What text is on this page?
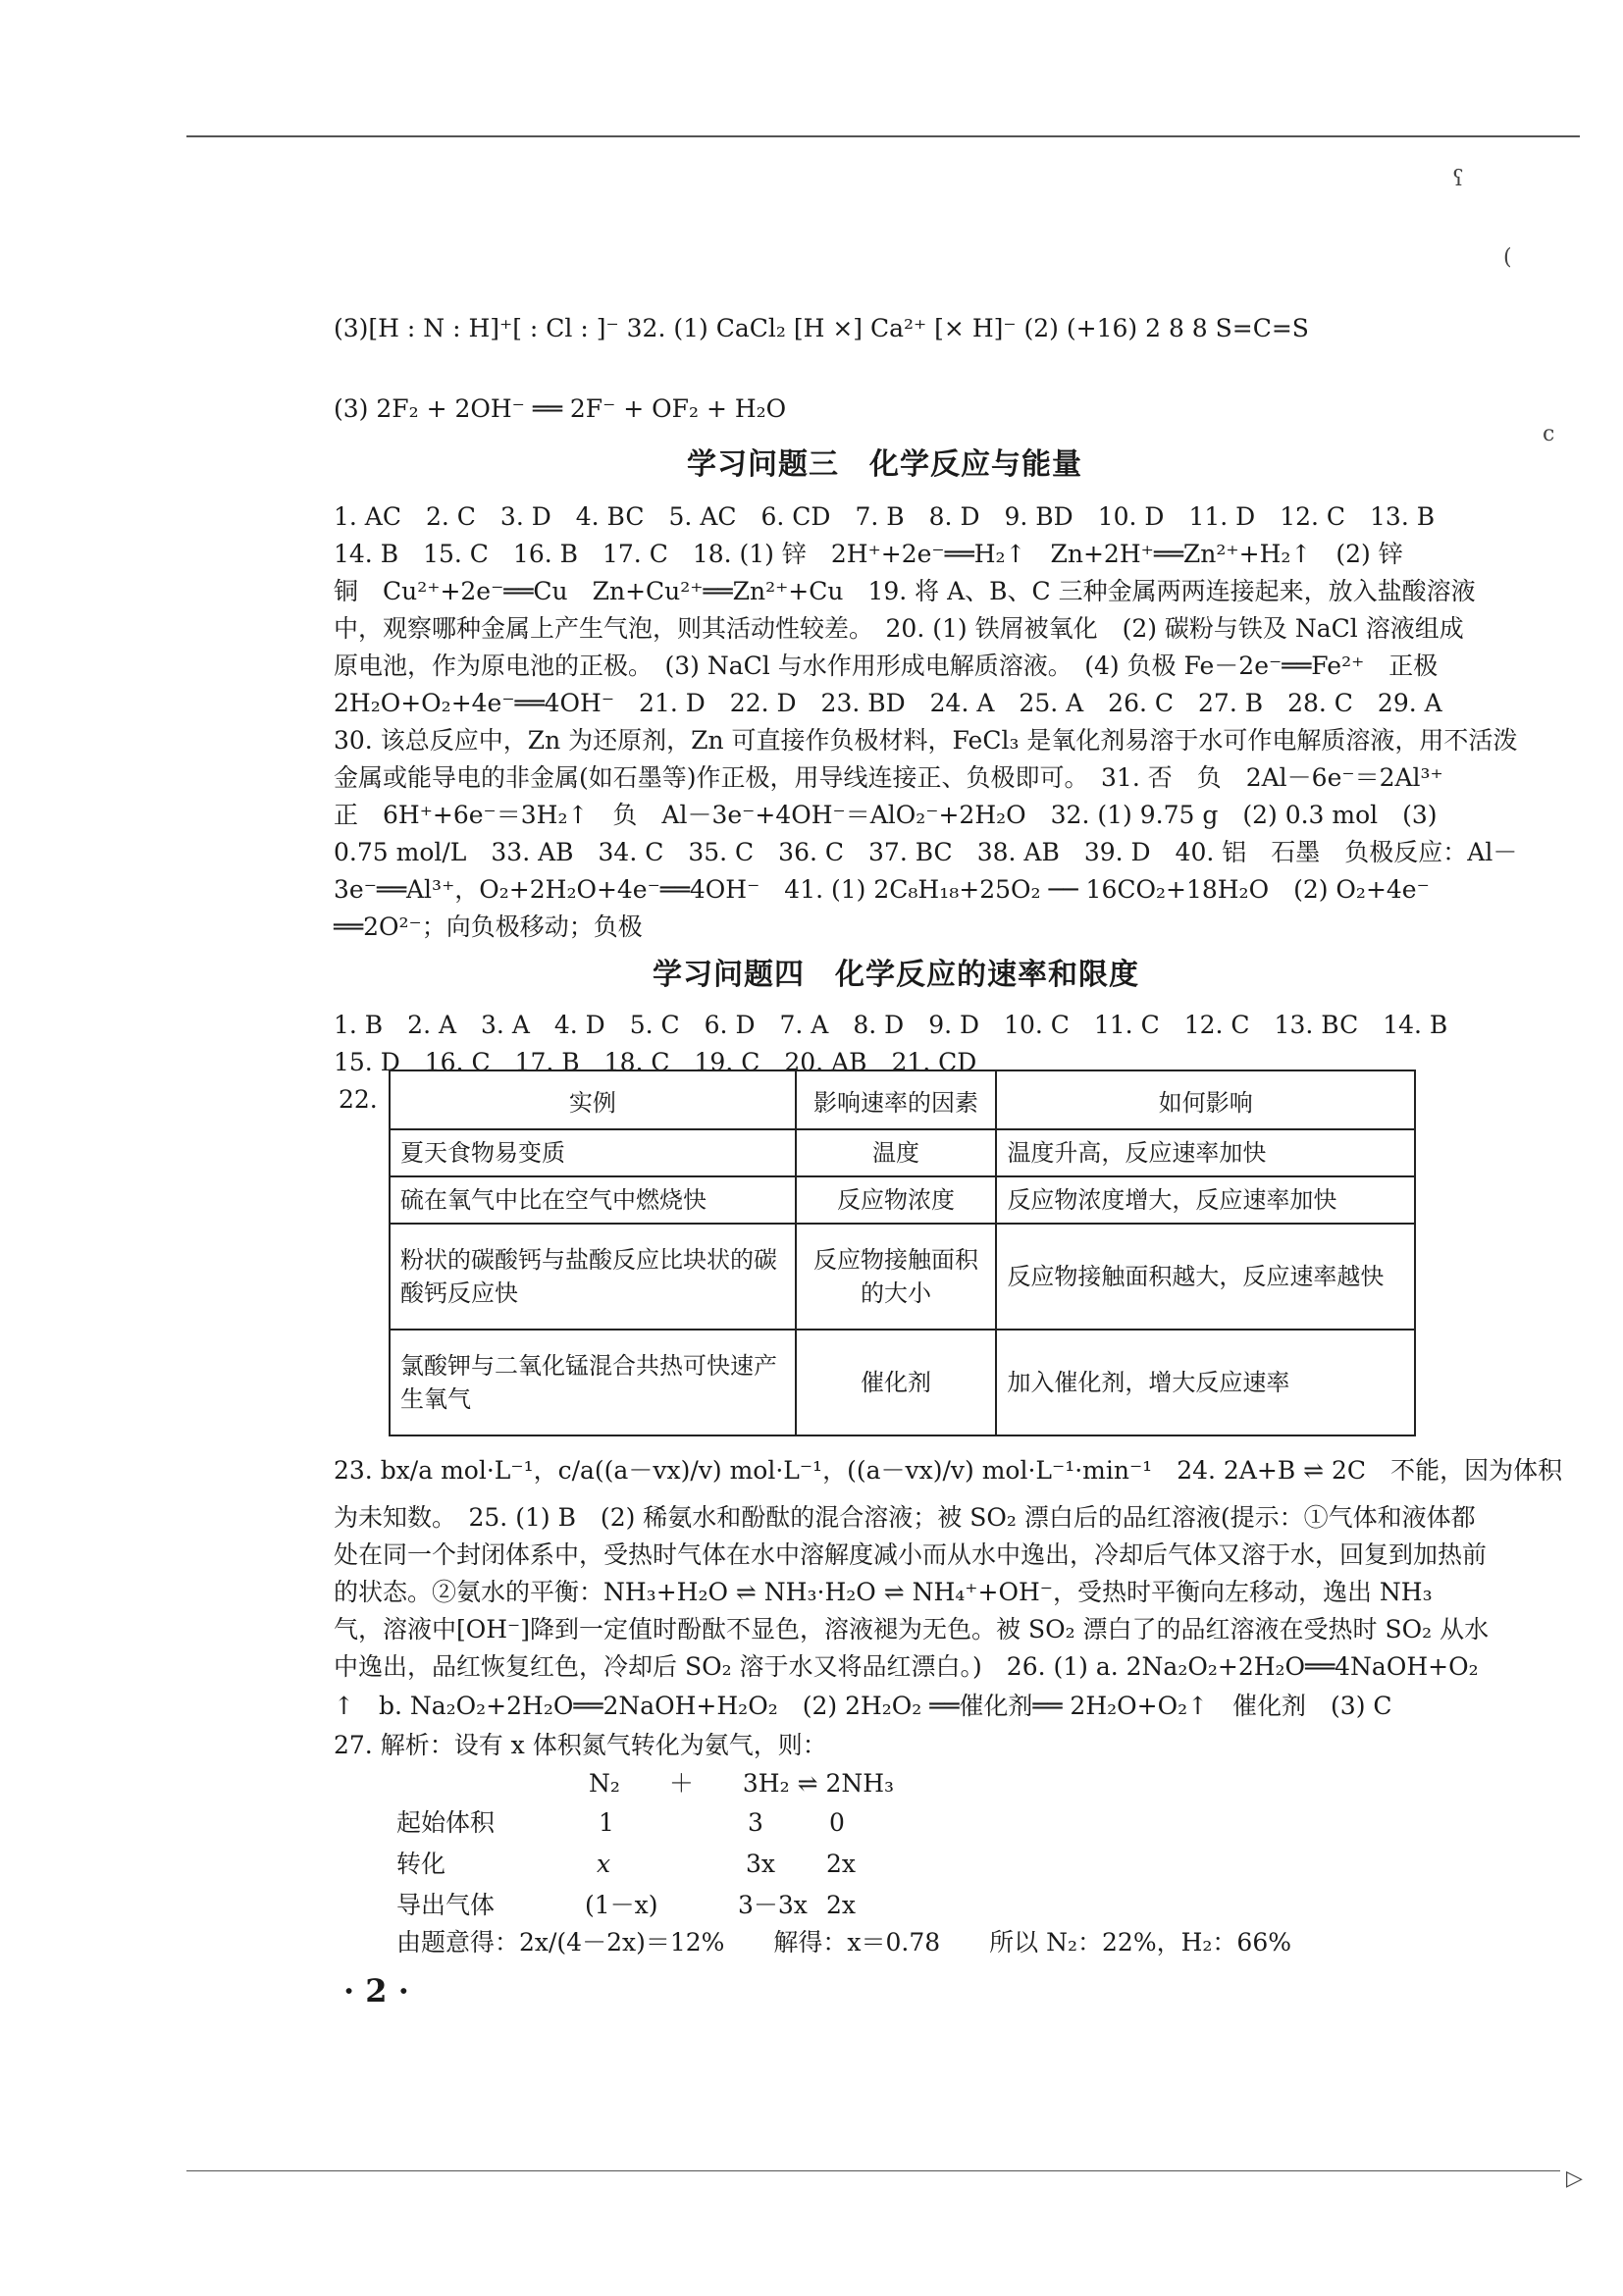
ʕ
(
c
▷
(3)[H : N : H]⁺[ : Cl : ]⁻ 32. (1) CaCl₂ [H ×] Ca²⁺ [× H]⁻ (2) (+16) 2 8 8 S=C=S
(3) 2F₂ + 2OH⁻ ══ 2F⁻ + OF₂ + H₂O
学习问题三　化学反应与能量
1. AC　2. C　3. D　4. BC　5. AC　6. CD　7. B　8. D　9. BD　10. D　11. D　12. C　13. B
14. B　15. C　16. B　17. C　18. (1) 锌　2H⁺+2e⁻══H₂↑　Zn+2H⁺══Zn²⁺+H₂↑　(2) 锌
铜　Cu²⁺+2e⁻══Cu　Zn+Cu²⁺══Zn²⁺+Cu　19. 将 A、B、C 三种金属两两连接起来，放入盐酸溶液
中，观察哪种金属上产生气泡，则其活动性较差。　20. (1) 铁屑被氧化　(2) 碳粉与铁及 NaCl 溶液组成
原电池，作为原电池的正极。　(3) NaCl 与水作用形成电解质溶液。　(4) 负极 Fe－2e⁻══Fe²⁺　正极
2H₂O+O₂+4e⁻══4OH⁻　21. D　22. D　23. BD　24. A　25. A　26. C　27. B　28. C　29. A
30. 该总反应中，Zn 为还原剂，Zn 可直接作负极材料，FeCl₃ 是氧化剂易溶于水可作电解质溶液，用不活泼
金属或能导电的非金属(如石墨等)作正极，用导线连接正、负极即可。　31. 否　负　2Al－6e⁻＝2Al³⁺
正　6H⁺+6e⁻＝3H₂↑　负　Al－3e⁻+4OH⁻＝AlO₂⁻+2H₂O　32. (1) 9.75 g　(2) 0.3 mol　(3)
0.75 mol/L　33. AB　34. C　35. C　36. C　37. BC　38. AB　39. D　40. 铝　石墨　负极反应：Al－
3e⁻══Al³⁺，O₂+2H₂O+4e⁻══4OH⁻　41. (1) 2C₈H₁₈+25O₂ ── 16CO₂+18H₂O　(2) O₂+4e⁻
══2O²⁻；向负极移动；负极
学习问题四　化学反应的速率和限度
1. B　2. A　3. A　4. D　5. C　6. D　7. A　8. D　9. D　10. C　11. C　12. C　13. BC　14. B
15. D　16. C　17. B　18. C　19. C　20. AB　21. CD
22.	实例	影响速率的因素	如何影响
夏天食物易变质	温度	温度升高，反应速率加快
硫在氧气中比在空气中燃烧快	反应物浓度	反应物浓度增大，反应速率加快
粉状的碳酸钙与盐酸反应比块状的碳酸钙反应快	反应物接触面积的大小	反应物接触面积越大，反应速率越快
氯酸钾与二氧化锰混合共热可快速产生氧气	催化剂	加入催化剂，增大反应速率
23. bx/a mol·L⁻¹，c/a((a－vx)/v) mol·L⁻¹，((a－vx)/v) mol·L⁻¹·min⁻¹　24. 2A+B ⇌ 2C　不能，因为体积
为未知数。　25. (1) B　(2) 稀氨水和酚酞的混合溶液；被 SO₂ 漂白后的品红溶液(提示：①气体和液体都
处在同一个封闭体系中，受热时气体在水中溶解度减小而从水中逸出，冷却后气体又溶于水，回复到加热前
的状态。②氨水的平衡：NH₃+H₂O ⇌ NH₃·H₂O ⇌ NH₄⁺+OH⁻，受热时平衡向左移动，逸出 NH₃
气，溶液中[OH⁻]降到一定值时酚酞不显色，溶液褪为无色。被 SO₂ 漂白了的品红溶液在受热时 SO₂ 从水
中逸出，品红恢复红色，冷却后 SO₂ 溶于水又将品红漂白。)　26. (1) a. 2Na₂O₂+2H₂O══4NaOH+O₂
↑　b. Na₂O₂+2H₂O══2NaOH+H₂O₂　(2) 2H₂O₂ ══催化剂══ 2H₂O+O₂↑　催化剂　(3) C
27. 解析：设有 x 体积氮气转化为氨气，则：
N₂　　＋　　3H₂ ⇌ 2NH₃
起始体积	1	3	0
转化	x	3x 2x
导出气体	(1－x)	3－3x 2x
由题意得：2x/(4－2x)＝12%　　解得：x＝0.78　　所以 N₂：22%，H₂：66%
· 2 ·
